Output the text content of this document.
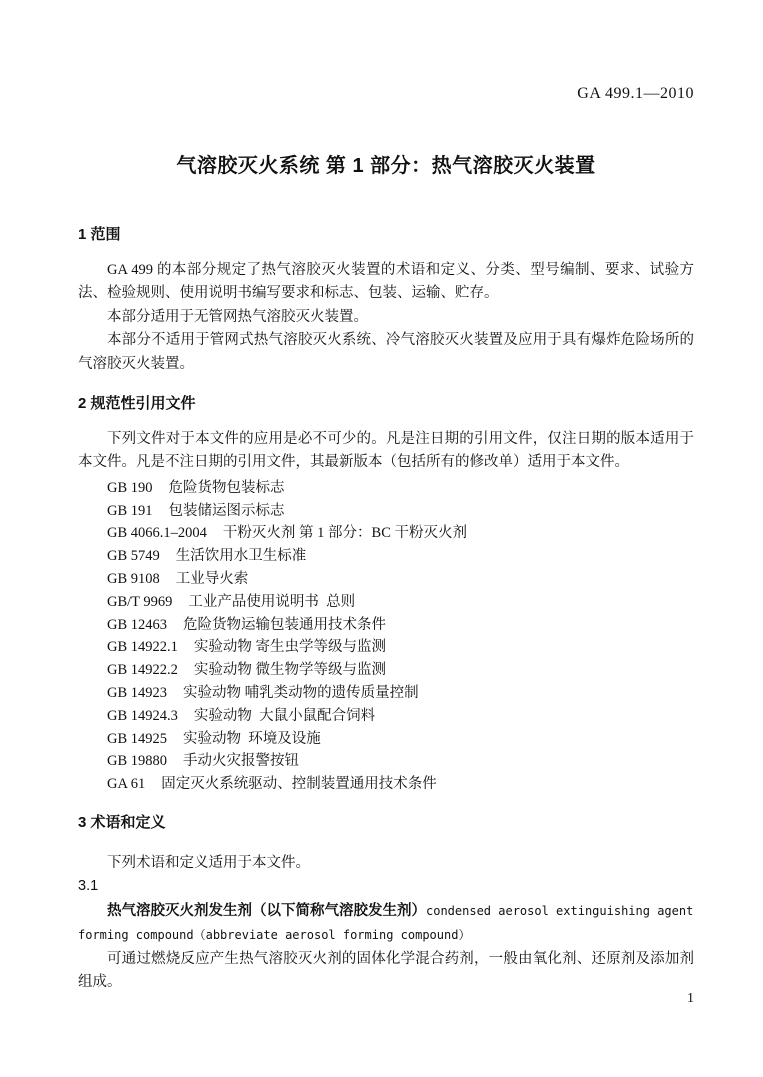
GA 499.1—2010
气溶胶灭火系统 第 1 部分：热气溶胶灭火装置
1 范围

GA 499 的本部分规定了热气溶胶灭火装置的术语和定义、分类、型号编制、要求、试验方法、检验规则、使用说明书编写要求和标志、包装、运输、贮存。

本部分适用于无管网热气溶胶灭火装置。

本部分不适用于管网式热气溶胶灭火系统、冷气溶胶灭火装置及应用于具有爆炸危险场所的气溶胶灭火装置。

2 规范性引用文件

下列文件对于本文件的应用是必不可少的。凡是注日期的引用文件，仅注日期的版本适用于本文件。凡是不注日期的引用文件，其最新版本（包括所有的修改单）适用于本文件。

GB 190 危险货物包装标志
GB 191 包装储运图示标志
GB 4066.1–2004 干粉灭火剂 第 1 部分：BC 干粉灭火剂
GB 5749 生活饮用水卫生标准
GB 9108 工业导火索
GB/T 9969 工业产品使用说明书  总则
GB 12463 危险货物运输包装通用技术条件
GB 14922.1 实验动物 寄生虫学等级与监测
GB 14922.2 实验动物 微生物学等级与监测
GB 14923 实验动物 哺乳类动物的遗传质量控制
GB 14924.3 实验动物  大鼠小鼠配合饲料
GB 14925 实验动物  环境及设施
GB 19880 手动火灾报警按钮
GA 61 固定灭火系统驱动、控制装置通用技术条件
3 术语和定义

下列术语和定义适用于本文件。

3.1

热气溶胶灭火剂发生剂（以下简称气溶胶发生剂）condensed aerosol extinguishing agent forming compound（abbreviate aerosol forming compound）

可通过燃烧反应产生热气溶胶灭火剂的固体化学混合药剂，一般由氧化剂、还原剂及添加剂组成。

1
